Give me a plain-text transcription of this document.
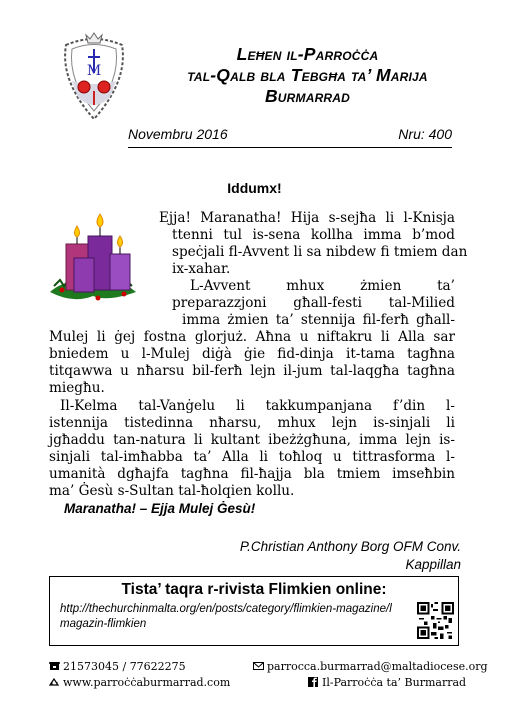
M
Leħen il-Parroċċa
tal-Qalb bla Tebgħa ta’ Marija
Burmarrad
Novembru 2016	Nru: 400
Iddumx!
Ejja! Maranatha! Hija s-sejħa li l-Knisja
ttenni tul is-sena kollha imma b’mod
speċjali fl-Avvent li sa nibdew fi tmiem dan
ix-xahar.
L-Avvent mhux żmien ta’
preparazzjoni għall-festi tal-Milied
imma żmien ta’ stennija fil-ferħ għall-
Mulej li ġej fostna glorjuż. Aħna u niftakru li Alla sar
bniedem u l-Mulej diġà ġie fid-dinja it-tama tagħna
titqawwa u nħarsu bil-ferħ lejn il-jum tal-laqgħa tagħna
miegħu.
Il-Kelma tal-Vanġelu li takkumpanjana f’din l-
istennija tistedinna nħarsu, mhux lejn is-sinjali li
jgħaddu tan-natura li kultant ibeżżgħuna, imma lejn is-
sinjali tal-imħabba ta’ Alla li toħloq u tittrasforma l-
umanità dgħajfa tagħna fil-ħajja bla tmiem imseħbin
ma’ Ġesù s-Sultan tal-ħolqien kollu.
Maranatha! – Ejja Mulej Ġesù!
P.Christian Anthony Borg OFM Conv.
Kappillan
Tista’ taqra r-rivista Flimkien online:
http://thechurchinmalta.org/en/posts/category/flimkien-magazine/l
magazin-flimkien
21573045 / 77622275
www.parroċċaburmarrad.com
parrocca.burmarrad@maltadiocese.org
Il-Parroċċa ta’ Burmarrad
